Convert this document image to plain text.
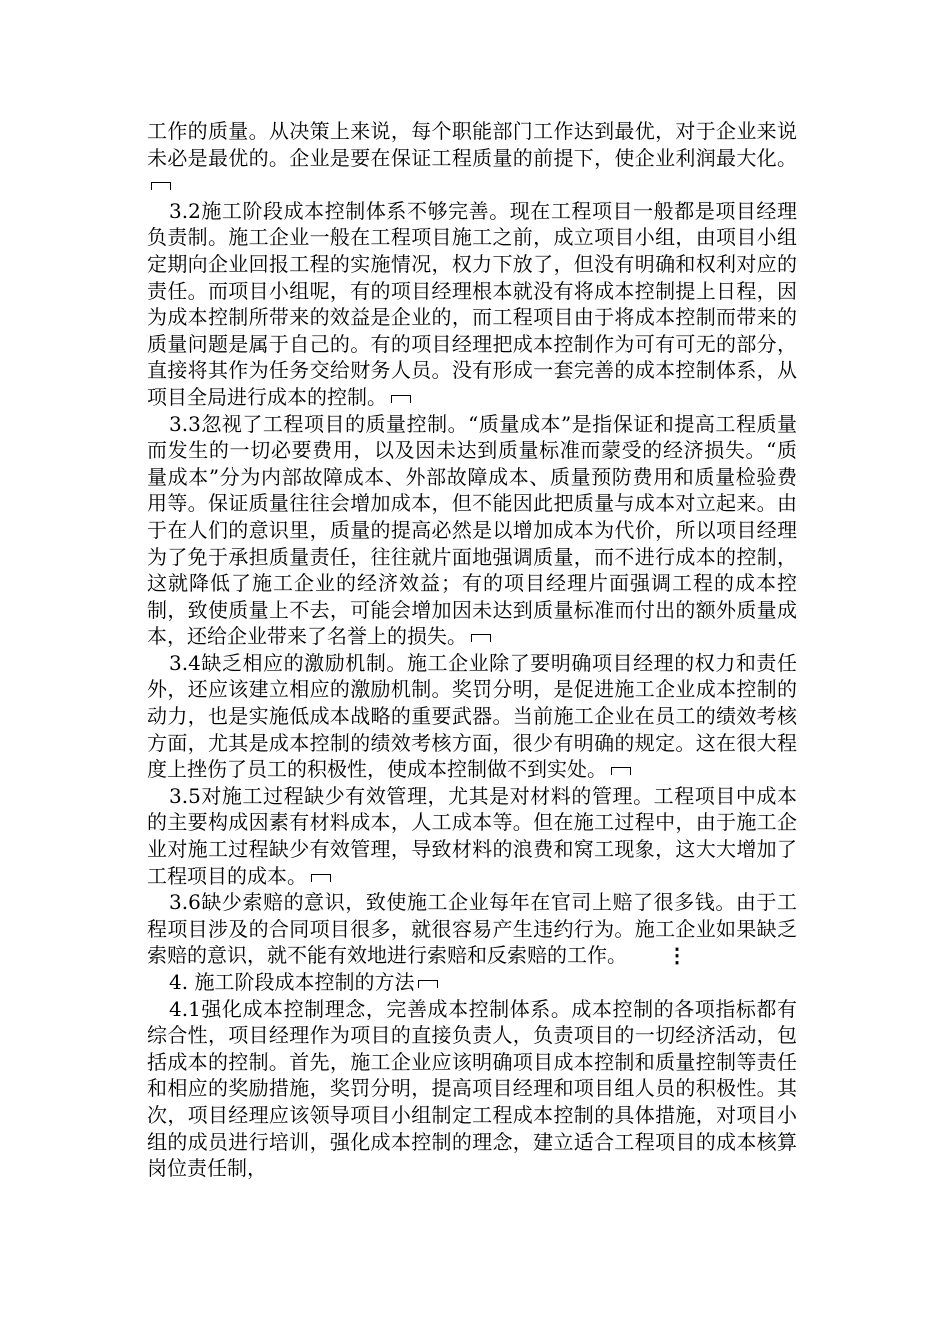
工作的质量。从决策上来说，每个职能部门工作达到最优，对于企业来说未必是最优的。企业是要在保证工程质量的前提下，使企业利润最大化。

3.2施工阶段成本控制体系不够完善。现在工程项目一般都是项目经理负责制。施工企业一般在工程项目施工之前，成立项目小组，由项目小组定期向企业回报工程的实施情况，权力下放了，但没有明确和权利对应的责任。而项目小组呢，有的项目经理根本就没有将成本控制提上日程，因为成本控制所带来的效益是企业的，而工程项目由于将成本控制而带来的质量问题是属于自己的。有的项目经理把成本控制作为可有可无的部分，直接将其作为任务交给财务人员。没有形成一套完善的成本控制体系，从项目全局进行成本的控制。

3.3忽视了工程项目的质量控制。“质量成本”是指保证和提高工程质量而发生的一切必要费用，以及因未达到质量标准而蒙受的经济损失。“质量成本”分为内部故障成本、外部故障成本、质量预防费用和质量检验费用等。保证质量往往会增加成本，但不能因此把质量与成本对立起来。由于在人们的意识里，质量的提高必然是以增加成本为代价，所以项目经理为了免于承担质量责任，往往就片面地强调质量，而不进行成本的控制，这就降低了施工企业的经济效益；有的项目经理片面强调工程的成本控制，致使质量上不去，可能会增加因未达到质量标准而付出的额外质量成本，还给企业带来了名誉上的损失。

3.4缺乏相应的激励机制。施工企业除了要明确项目经理的权力和责任外，还应该建立相应的激励机制。奖罚分明，是促进施工企业成本控制的动力，也是实施低成本战略的重要武器。当前施工企业在员工的绩效考核方面，尤其是成本控制的绩效考核方面，很少有明确的规定。这在很大程度上挫伤了员工的积极性，使成本控制做不到实处。

3.5对施工过程缺少有效管理，尤其是对材料的管理。工程项目中成本的主要构成因素有材料成本，人工成本等。但在施工过程中，由于施工企业对施工过程缺少有效管理，导致材料的浪费和窝工现象，这大大增加了工程项目的成本。

3.6缺少索赔的意识，致使施工企业每年在官司上赔了很多钱。由于工程项目涉及的合同项目很多，就很容易产生违约行为。施工企业如果缺乏索赔的意识，就不能有效地进行索赔和反索赔的工作。 ⋮

4. 施工阶段成本控制的方法

4.1强化成本控制理念，完善成本控制体系。成本控制的各项指标都有综合性，项目经理作为项目的直接负责人，负责项目的一切经济活动，包括成本的控制。首先，施工企业应该明确项目成本控制和质量控制等责任和相应的奖励措施，奖罚分明，提高项目经理和项目组人员的积极性。其次，项目经理应该领导项目小组制定工程成本控制的具体措施，对项目小组的成员进行培训，强化成本控制的理念，建立适合工程项目的成本核算岗位责任制，
